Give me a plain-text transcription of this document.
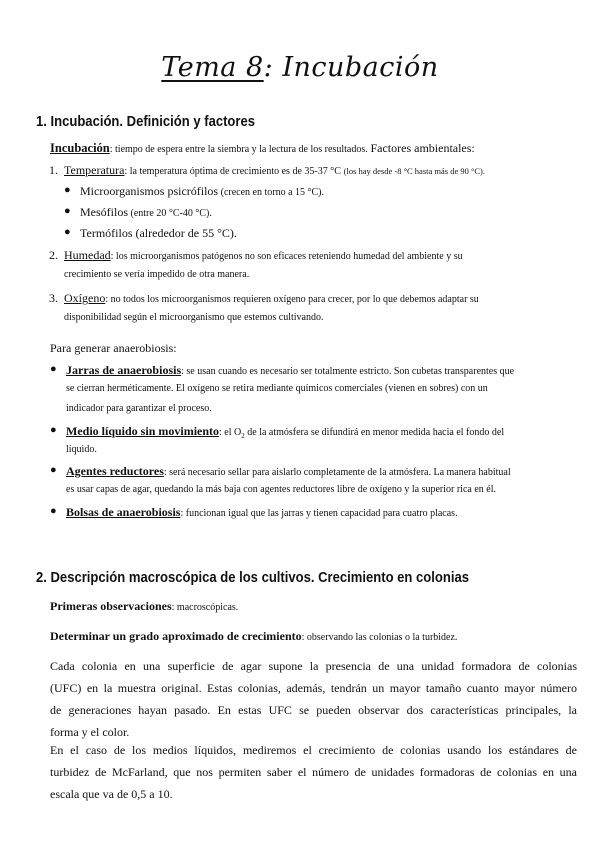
Tema 8: Incubación
1. Incubación. Definición y factores
Incubación: tiempo de espera entre la siembra y la lectura de los resultados. Factores ambientales:
1. Temperatura: la temperatura óptima de crecimiento es de 35-37 °C (los hay desde -8 °C hasta más de 90 °C).
● Microorganismos psicrófilos (crecen en torno a 15 °C).
● Mesófilos (entre 20 °C-40 °C).
● Termófilos (alrededor de 55 °C).
2. Humedad: los microorganismos patógenos no son eficaces reteniendo humedad del ambiente y su
crecimiento se vería impedido de otra manera.
3. Oxígeno: no todos los microorganismos requieren oxígeno para crecer, por lo que debemos adaptar su
disponibilidad según el microorganismo que estemos cultivando.
Para generar anaerobiosis:
● Jarras de anaerobiosis: se usan cuando es necesario ser totalmente estricto. Son cubetas transparentes que
se cierran herméticamente. El oxígeno se retira mediante químicos comerciales (vienen en sobres) con un
indicador para garantizar el proceso.
● Medio líquido sin movimiento: el $O_2$ de la atmósfera se difundirá en menor medida hacia el fondo del
líquido.
● Agentes reductores: será necesario sellar para aislarlo completamente de la atmósfera. La manera habitual
es usar capas de agar, quedando la más baja con agentes reductores libre de oxígeno y la superior rica en él.
● Bolsas de anaerobiosis: funcionan igual que las jarras y tienen capacidad para cuatro placas.
2. Descripción macroscópica de los cultivos. Crecimiento en colonias
Primeras observaciones: macroscópicas.
Determinar un grado aproximado de crecimiento: observando las colonias o la turbidez.
Cada colonia en una superficie de agar supone la presencia de una unidad formadora de colonias
(UFC) en la muestra original. Estas colonias, además, tendrán un mayor tamaño cuanto mayor número
de generaciones hayan pasado. En estas UFC se pueden observar dos características principales, la
forma y el color.
En el caso de los medios líquidos, mediremos el crecimiento de colonias usando los estándares de
turbidez de McFarland, que nos permiten saber el número de unidades formadoras de colonias en una
escala que va de 0,5 a 10.
